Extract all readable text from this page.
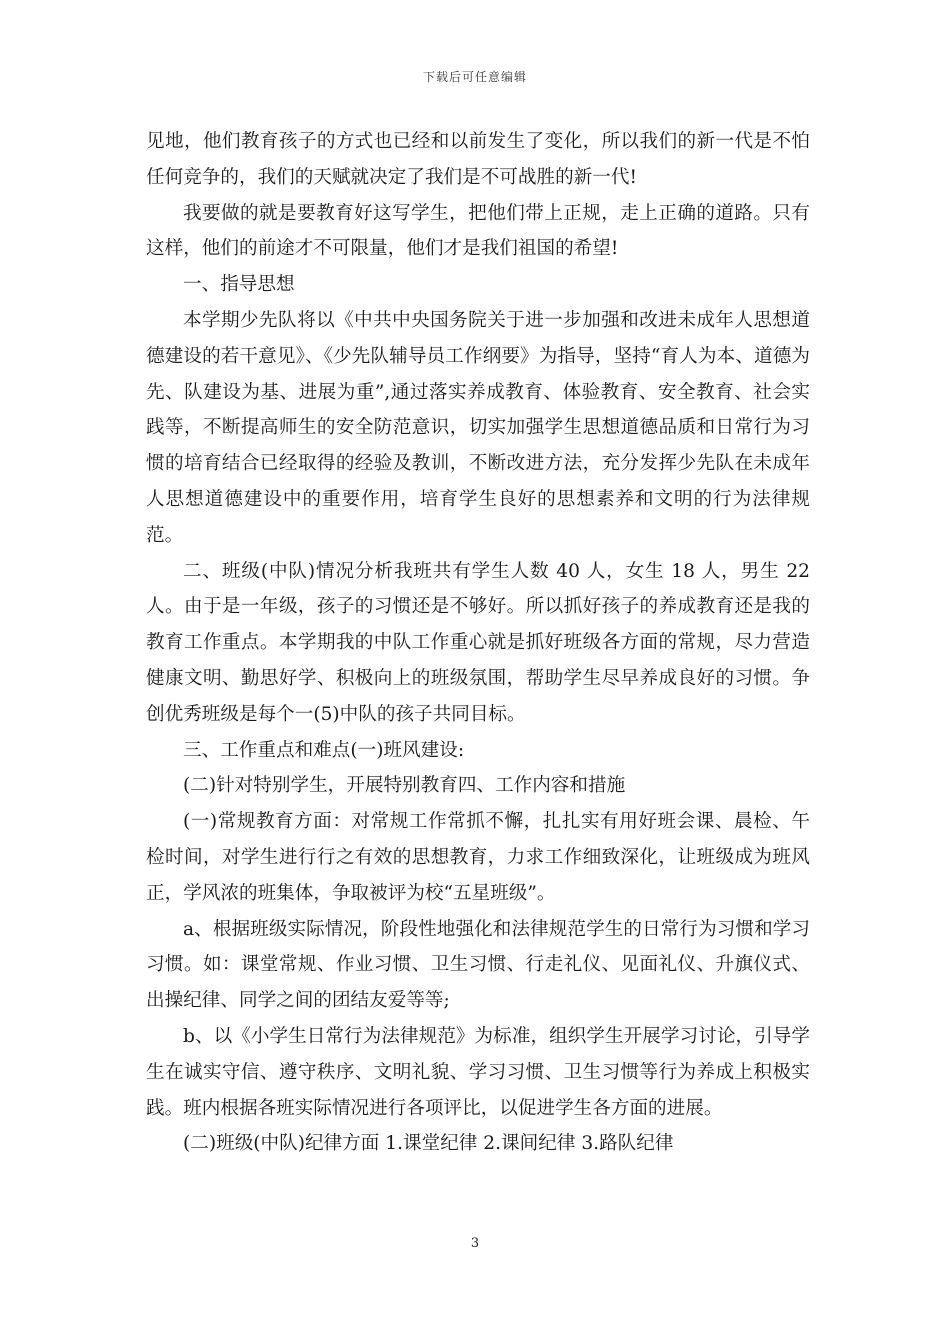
下载后可任意编辑

见地，他们教育孩子的方式也已经和以前发生了变化，所以我们的新一代是不怕任何竞争的，我们的天赋就决定了我们是不可战胜的新一代!

我要做的就是要教育好这写学生，把他们带上正规，走上正确的道路。只有这样，他们的前途才不可限量，他们才是我们祖国的希望!

一、指导思想

本学期少先队将以《中共中央国务院关于进一步加强和改进未成年人思想道德建设的若干意见》、《少先队辅导员工作纲要》为指导，坚持“育人为本、道德为先、队建设为基、进展为重”,通过落实养成教育、体验教育、安全教育、社会实践等，不断提高师生的安全防范意识，切实加强学生思想道德品质和日常行为习惯的培育结合已经取得的经验及教训，不断改进方法，充分发挥少先队在未成年人思想道德建设中的重要作用，培育学生良好的思想素养和文明的行为法律规范。

二、班级(中队)情况分析我班共有学生人数 40 人，女生 18 人，男生 22 人。由于是一年级，孩子的习惯还是不够好。所以抓好孩子的养成教育还是我的教育工作重点。本学期我的中队工作重心就是抓好班级各方面的常规，尽力营造健康文明、勤思好学、积极向上的班级氛围，帮助学生尽早养成良好的习惯。争创优秀班级是每个一(5)中队的孩子共同目标。

三、工作重点和难点(一)班风建设:

(二)针对特别学生，开展特别教育四、工作内容和措施

(一)常规教育方面：对常规工作常抓不懈，扎扎实有用好班会课、晨检、午检时间，对学生进行行之有效的思想教育，力求工作细致深化，让班级成为班风正，学风浓的班集体，争取被评为校“五星班级”。

a、根据班级实际情况，阶段性地强化和法律规范学生的日常行为习惯和学习习惯。如：课堂常规、作业习惯、卫生习惯、行走礼仪、见面礼仪、升旗仪式、出操纪律、同学之间的团结友爱等等;

b、以《小学生日常行为法律规范》为标准，组织学生开展学习讨论，引导学生在诚实守信、遵守秩序、文明礼貌、学习习惯、卫生习惯等行为养成上积极实践。班内根据各班实际情况进行各项评比，以促进学生各方面的进展。

(二)班级(中队)纪律方面 1.课堂纪律 2.课间纪律 3.路队纪律

3
